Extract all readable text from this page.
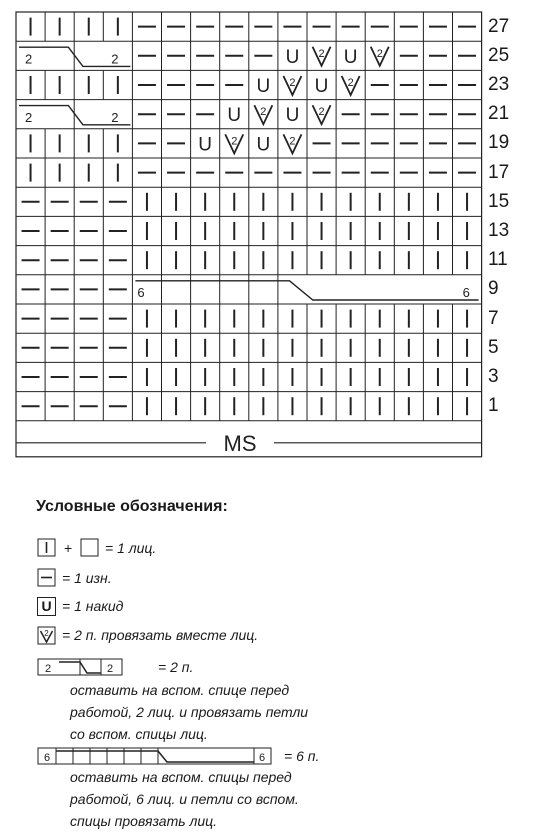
U 2 U 2
U 2 U 2
U 2 U 2
U 2 U 2
2	2
2	2
6	6
MS
27
25
23
21
19
17
15
13
11
9
7
5
3
1
Условные обозначения:
+ = 1 лиц.
= 1 изн.
U = 1 накид
2 = 2 п. провязать вместе лиц.
2	2	= 2 п.
оставить на вспом. спице перед
работой, 2 лиц. и провязать петли
со вспом. спицы лиц.
6	6 = 6 п.
оставить на вспом. спицы перед
работой, 6 лиц. и петли со вспом.
спицы провязать лиц.
